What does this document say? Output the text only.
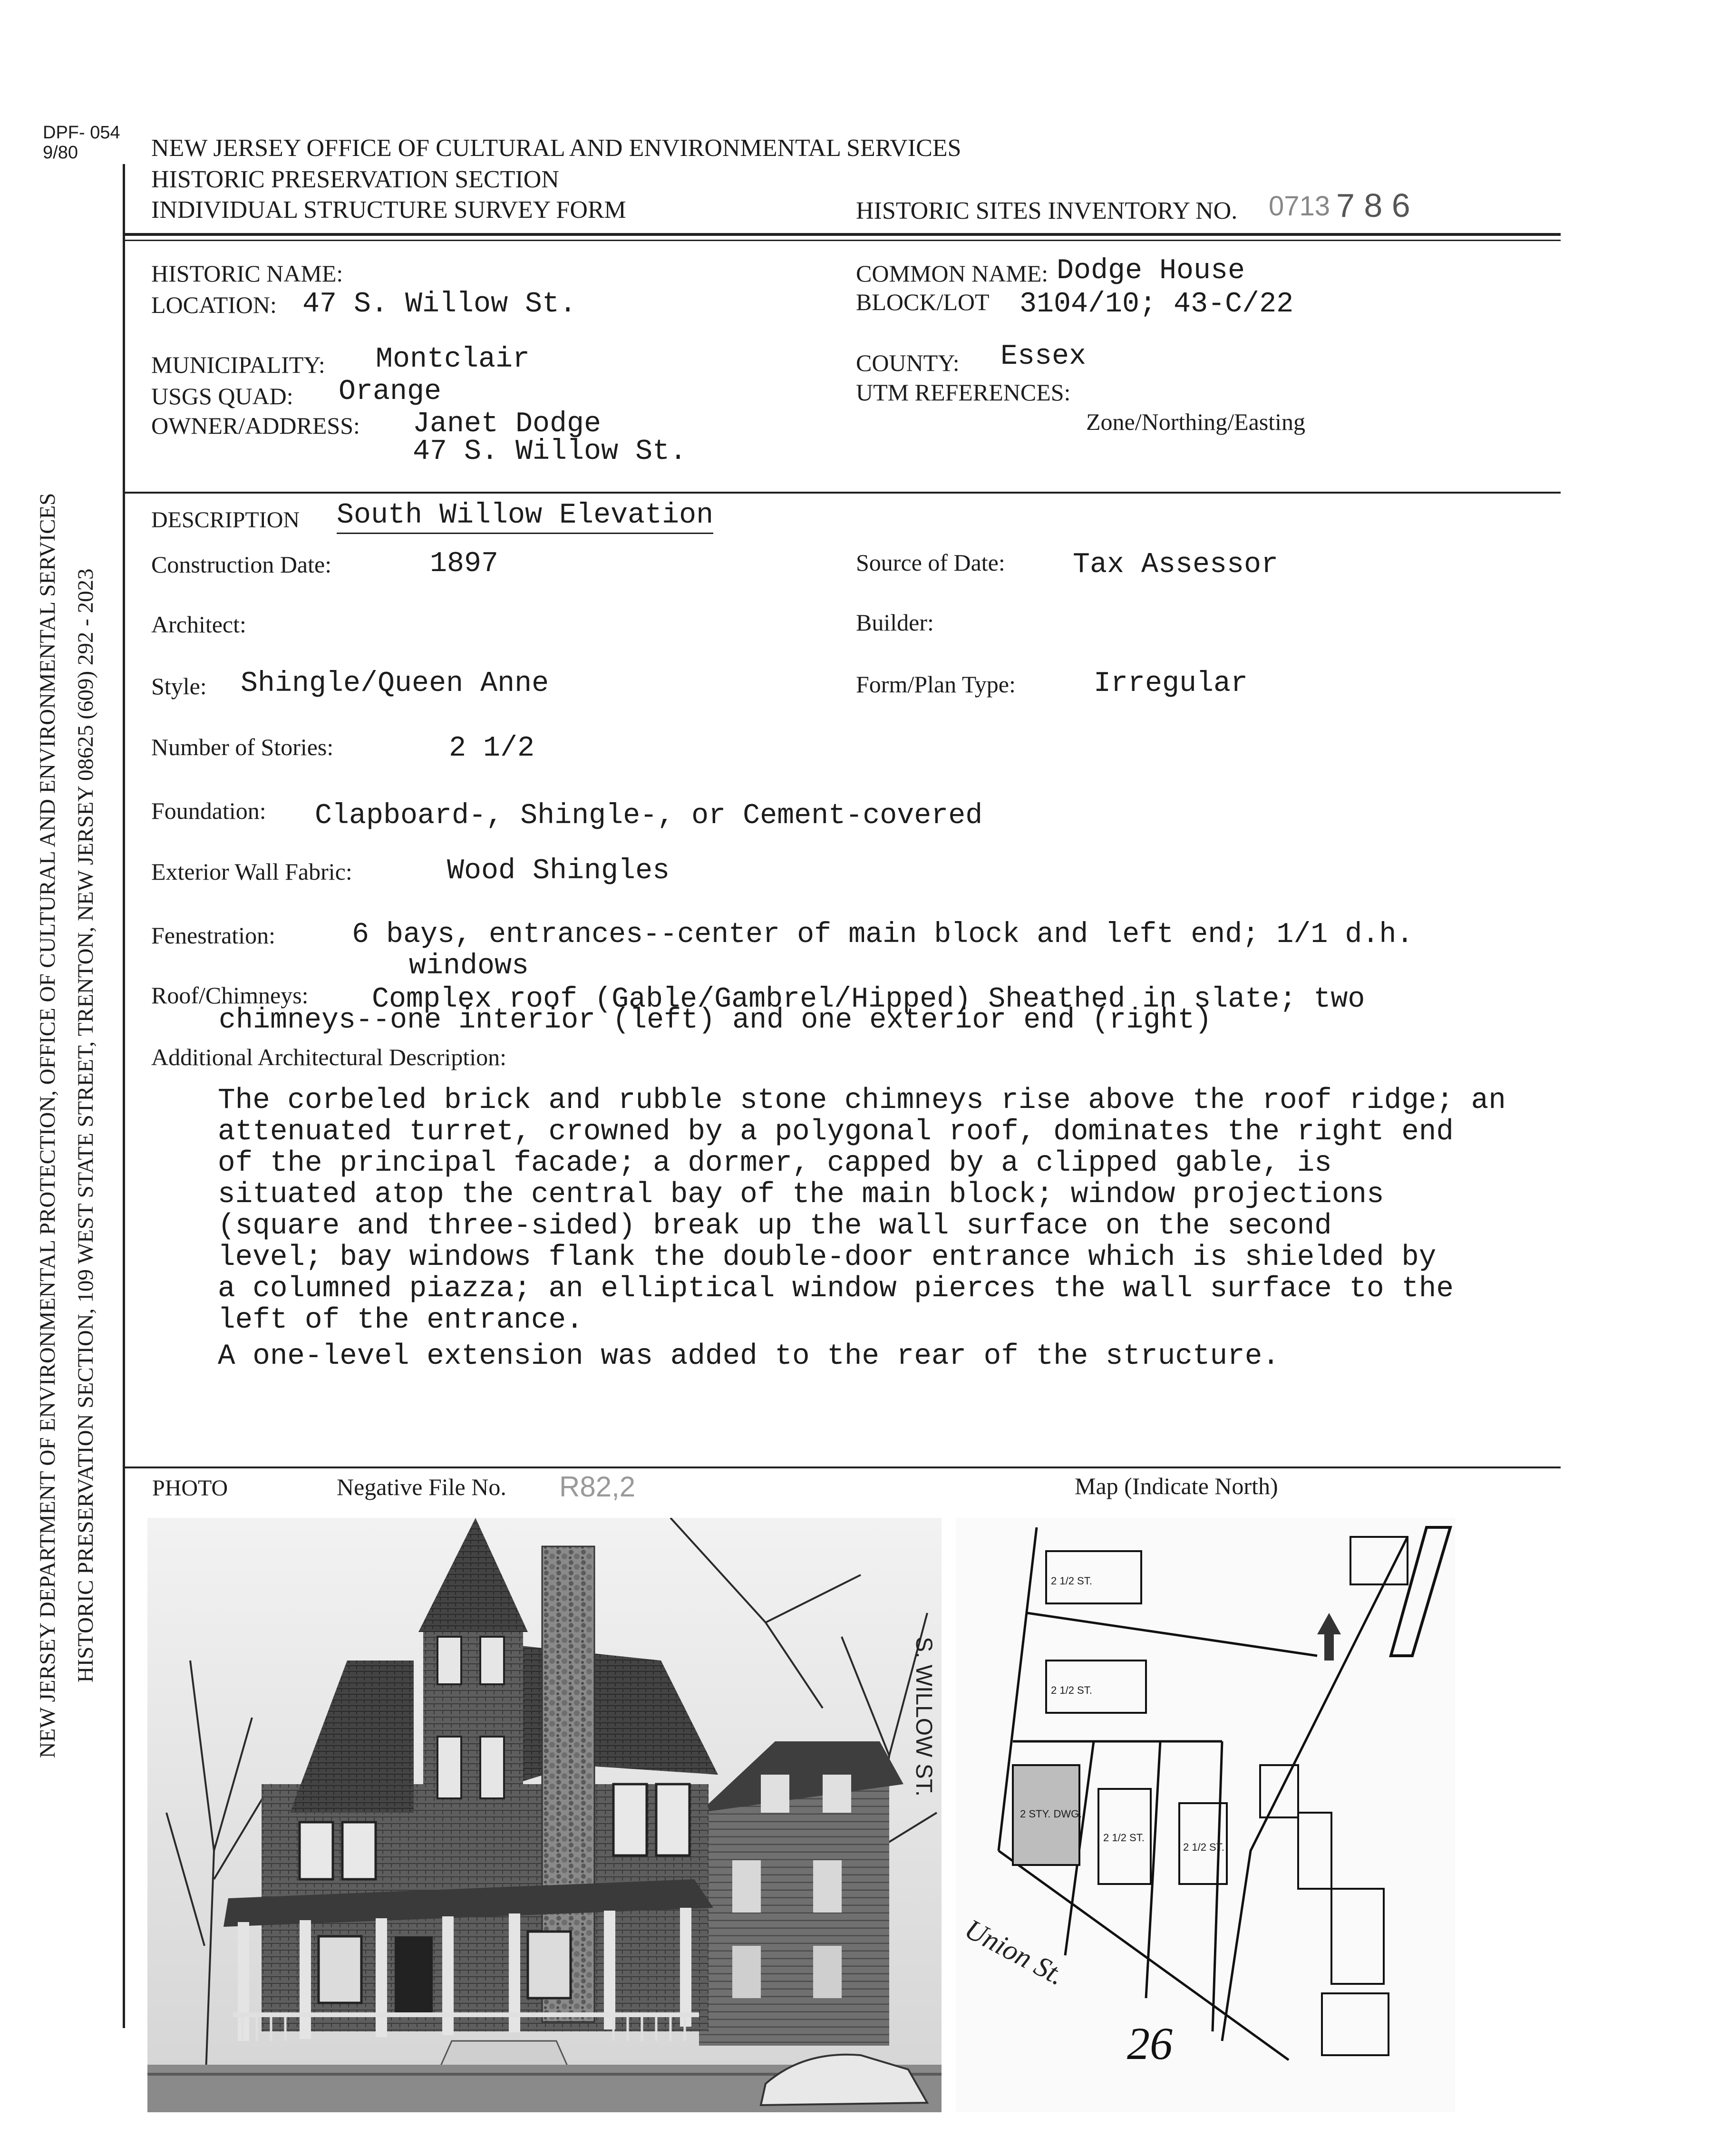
DPF- 054
9/80	NEW JERSEY OFFICE OF CULTURAL AND ENVIRONMENTAL SERVICES
HISTORIC PRESERVATION SECTION
INDIVIDUAL STRUCTURE SURVEY FORM	HISTORIC SITES INVENTORY NO. 0713 7 8 6
NEW JERSEY DEPARTMENT OF ENVIRONMENTAL PROTECTION, OFFICE OF CULTURAL AND ENVIRONMENTAL SERVICES HISTORIC PRESERVATION SECTION, 109 WEST STATE STREET, TRENTON, NEW JERSEY 08625 (609) 292 - 2023
HISTORIC NAME:
LOCATION: 47 S. Willow St.
MUNICIPALITY: Montclair
USGS QUAD: Orange
OWNER/ADDRESS: Janet Dodge
47 S. Willow St.
COMMON NAME: Dodge House
BLOCK/LOT 3104/10; 43-C/22
COUNTY: Essex
UTM REFERENCES:
Zone/Northing/Easting
DESCRIPTION South Willow Elevation
Construction Date:	1897	Source of Date: Tax Assessor
Architect:	Builder:
Style: Shingle/Queen Anne	Form/Plan Type:	Irregular
Number of Stories:	2 1/2
Foundation: Clapboard-, Shingle-, or Cement-covered
Exterior Wall Fabric:	Wood Shingles
Fenestration:	6 bays, entrances--center of main block and left end; 1/1 d.h.
windows
Roof/Chimneys: Complex roof (Gable/Gambrel/Hipped) Sheathed in slate; two
chimneys--one interior (left) and one exterior end (right)
Additional Architectural Description:
The corbeled brick and rubble stone chimneys rise above the roof ridge; an
attenuated turret, crowned by a polygonal roof, dominates the right end
of the principal facade; a dormer, capped by a clipped gable, is
situated atop the central bay of the main block; window projections
(square and three-sided) break up the wall surface on the second
level; bay windows flank the double-door entrance which is shielded by
a columned piazza; an elliptical window pierces the wall surface to the
left of the entrance.
A one-level extension was added to the rear of the structure.
PHOTO	Negative File No. R82,2	Map (Indicate North)
S. WILLOW ST.
Union St.
26
2 STY. DWG.
2 1/2 ST.
2 1/2 ST.
2 1/2 ST.
2 1/2 ST.
